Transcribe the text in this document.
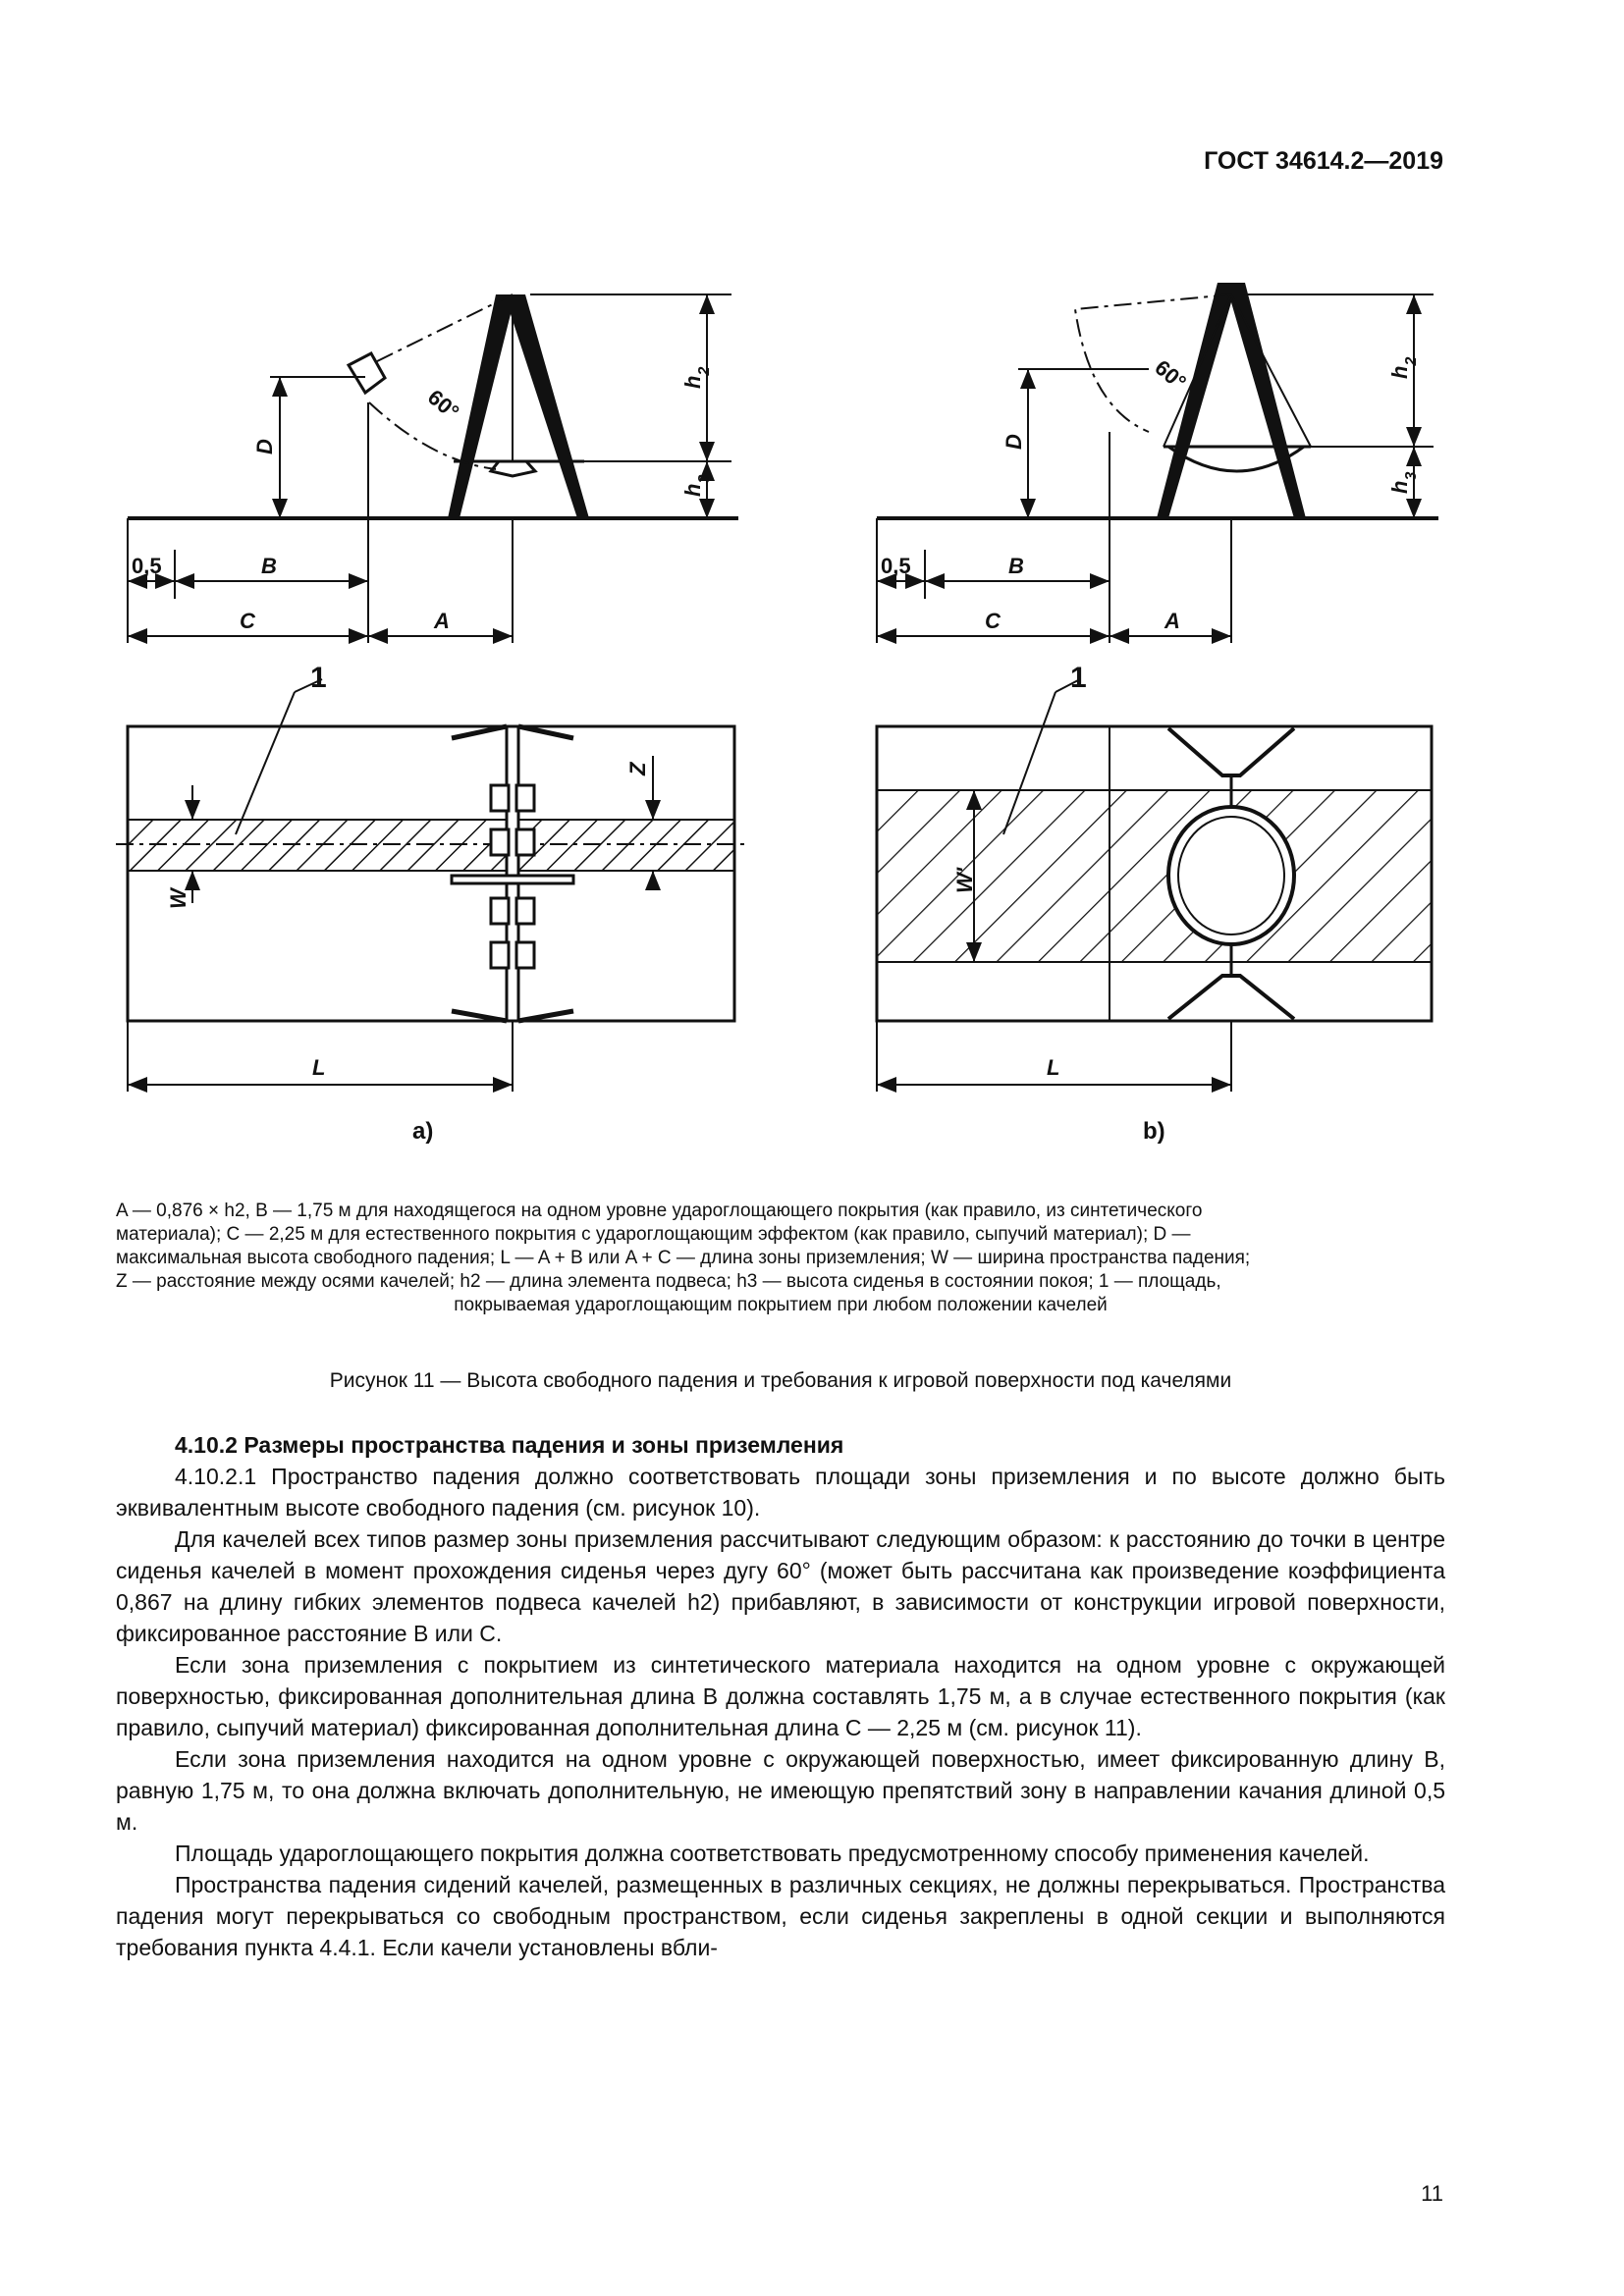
ГОСТ 34614.2—2019
D
60°
$h_2$
$h_3$
0,5	B
C	A
1
W
Z
L
a)
D
60°	$h_2$
$h_3$
0,5	B
C	A
1
W'
L
b)
A — 0,876 × h2, B — 1,75 м для находящегося на одном уровне удароглощающего покрытия (как правило, из синтетического
материала); C — 2,25 м для естественного покрытия с удароглощающим эффектом (как правило, сыпучий материал); D —
максимальная высота свободного падения; L — A + B или A + C — длина зоны приземления; W — ширина пространства падения;
Z — расстояние между осями качелей; h2 — длина элемента подвеса; h3 — высота сиденья в состоянии покоя; 1 — площадь,
покрываемая удароглощающим покрытием при любом положении качелей
Рисунок 11 — Высота свободного падения и требования к игровой поверхности под качелями
4.10.2 Размеры пространства падения и зоны приземления

4.10.2.1 Пространство падения должно соответствовать площади зоны приземления и по высоте должно быть эквивалентным высоте свободного падения (см. рисунок 10).

Для качелей всех типов размер зоны приземления рассчитывают следующим образом: к расстоянию до точки в центре сиденья качелей в момент прохождения сиденья через дугу 60° (может быть рассчитана как произведение коэффициента 0,867 на длину гибких элементов подвеса качелей h2) прибавляют, в зависимости от конструкции игровой поверхности, фиксированное расстояние B или C.

Если зона приземления с покрытием из синтетического материала находится на одном уровне с окружающей поверхностью, фиксированная дополнительная длина B должна составлять 1,75 м, а в случае естественного покрытия (как правило, сыпучий материал) фиксированная дополнительная длина С — 2,25 м (см. рисунок 11).

Если зона приземления находится на одном уровне с окружающей поверхностью, имеет фиксированную длину B, равную 1,75 м, то она должна включать дополнительную, не имеющую препятствий зону в направлении качания длиной 0,5 м.

Площадь удароглощающего покрытия должна соответствовать предусмотренному способу применения качелей.

Пространства падения сидений качелей, размещенных в различных секциях, не должны перекрываться. Пространства падения могут перекрываться со свободным пространством, если сиденья закреплены в одной секции и выполняются требования пункта 4.4.1. Если качели установлены вбли-

11
